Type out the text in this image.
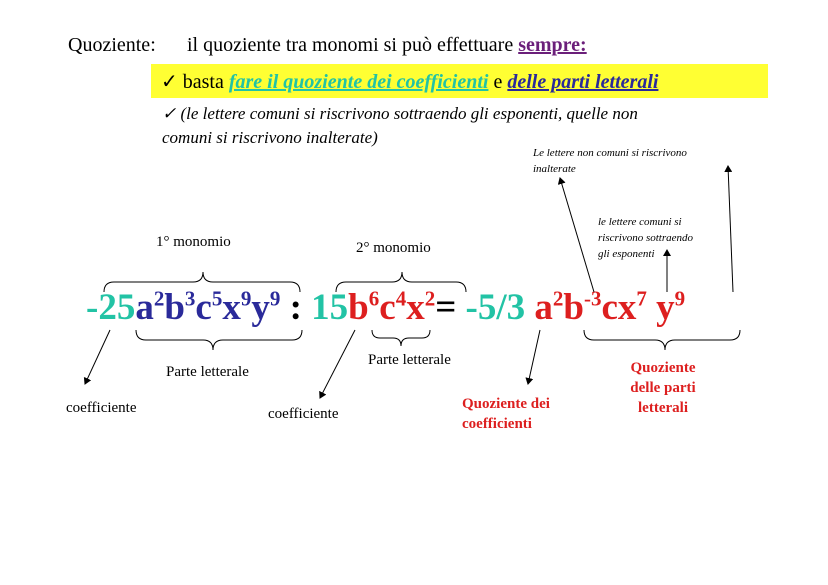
Quoziente: il quoziente tra monomi si può effettuare sempre:
✓ basta fare il quoziente dei coefficienti e delle parti letterali
✓ (le lettere comuni si riscrivono sottraendo gli esponenti, quelle non
comuni si riscrivono inalterate)
$-25a^2b^3c^5x^9y^9$ : $15b^6c^4x^2= -5/3$ $a^2b^{-3}cx^7$ $y^9$
1° monomio	2° monomio
Parte letterale
Parte letterale
coefficiente	coefficiente
Quoziente dei
coefficienti
Quoziente
delle parti
letterali
Le lettere non comuni si riscrivono
inalterate
le lettere comuni si
riscrivono sottraendo
gli esponenti
